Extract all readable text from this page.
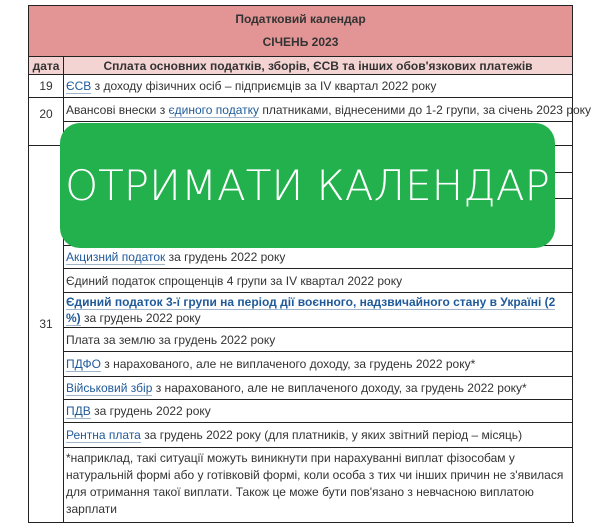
Податковий календар
СІЧЕНЬ 2023	

дата	Сплата основних податків, зборів, ЄСВ та інших обов'язкових платежів
19	ЄСВ з доходу фізичних осіб – підприємців за IV квартал 2022 року
20	Авансові внески з єдиного податку платниками, віднесеними до 1-2 групи, за січень 2023 року

31	

	Акцизний податок за грудень 2022 року
	Єдиний податок спрощенців 4 групи за IV квартал 2022 року
	Єдиний податок 3-ї групи на період дії воєнного, надзвичайного стану в Україні (2 %) за грудень 2022 року
	Плата за землю за грудень 2022 року
	ПДФО з нарахованого, але не виплаченого доходу, за грудень 2022 року*
	Військовий збір з нарахованого, але не виплаченого доходу, за грудень 2022 року*
	ПДВ за грудень 2022 року
	Рентна плата за грудень 2022 року (для платників, у яких звітний період – місяць)
	*наприклад, такі ситуації можуть виникнути при нарахуванні виплат фізособам у натуральній формі або у готівковій формі, коли особа з тих чи інших причин не з'явилася для отримання такої виплати. Також це може бути пов'язано з невчасною виплатою зарплати
ОТРИМАТИ КАЛЕНДАР
